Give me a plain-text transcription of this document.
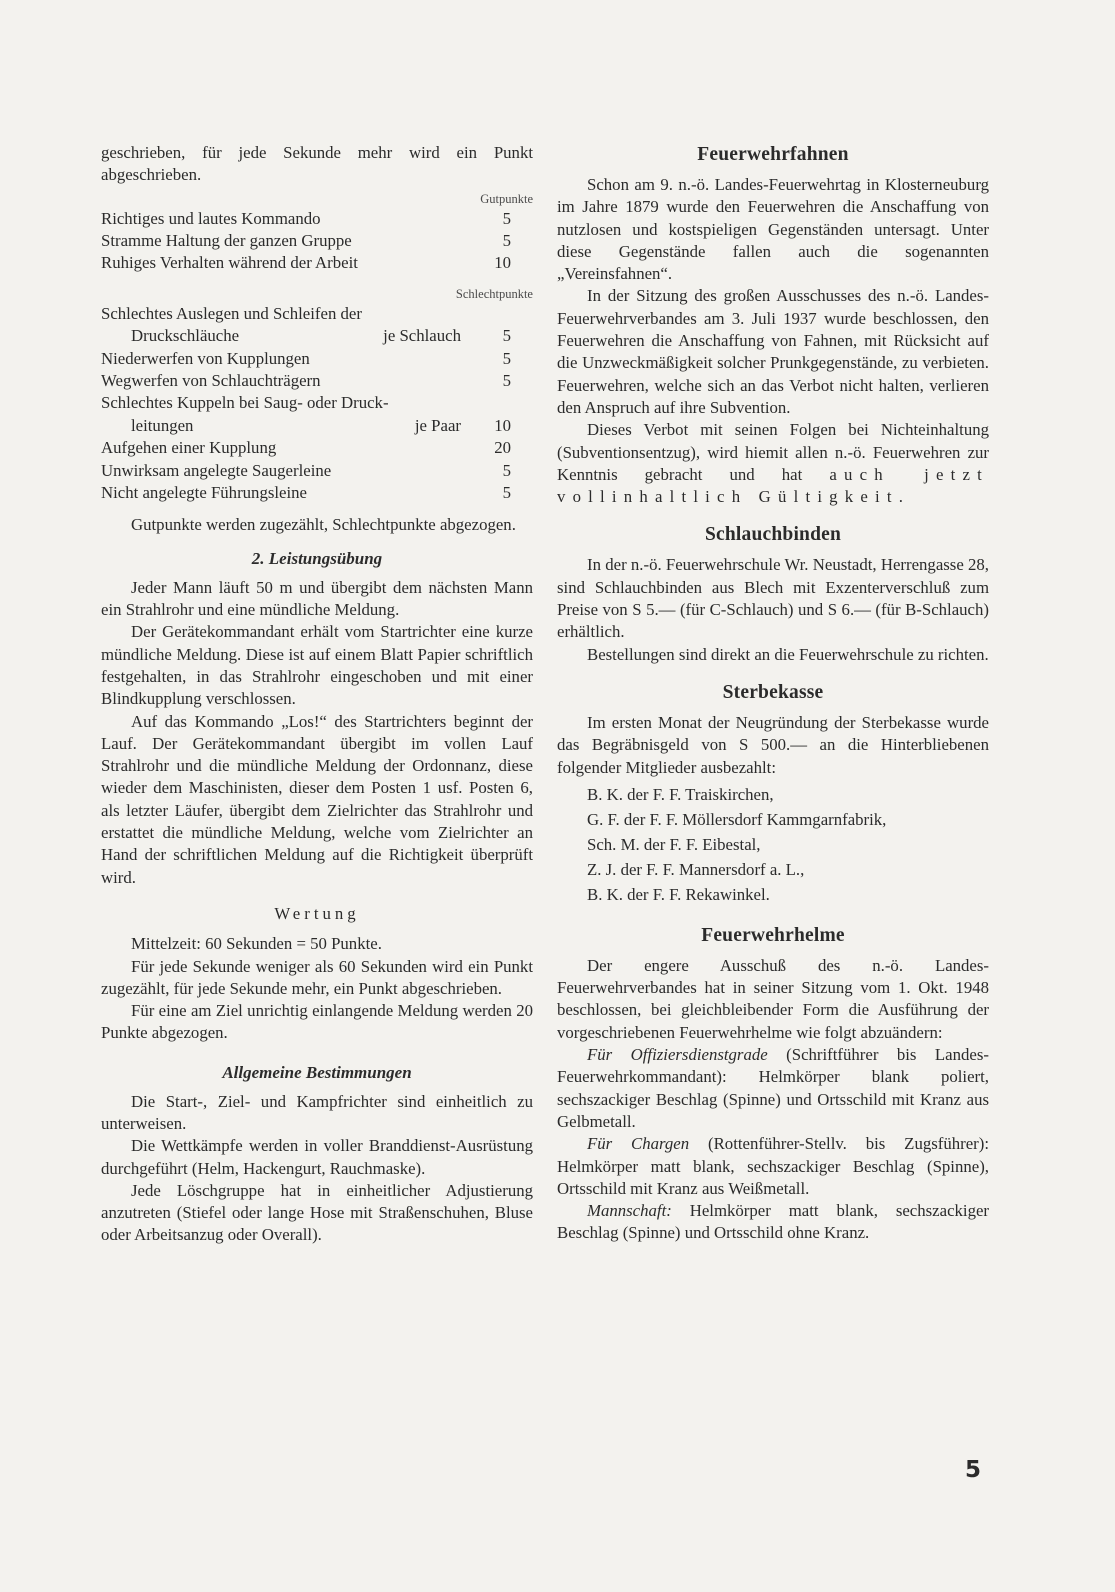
geschrieben, für jede Sekunde mehr wird ein Punkt abgeschrieben.

Gutpunkte
Richtiges und lautes Kommando	5
Stramme Haltung der ganzen Gruppe	5
Ruhiges Verhalten während der Arbeit	10
Schlechtpunkte
Schlechtes Auslegen und Schleifen der
Druckschläuche	je Schlauch	5
Niederwerfen von Kupplungen	5
Wegwerfen von Schlauchträgern	5
Schlechtes Kuppeln bei Saug- oder Druck-
leitungen	je Paar	10
Aufgehen einer Kupplung	20
Unwirksam angelegte Saugerleine	5
Nicht angelegte Führungsleine	5

Gutpunkte werden zugezählt, Schlechtpunkte abgezogen.

2. Leistungsübung

Jeder Mann läuft 50 m und übergibt dem nächsten Mann ein Strahlrohr und eine mündliche Meldung.

Der Gerätekommandant erhält vom Startrichter eine kurze mündliche Meldung. Diese ist auf einem Blatt Papier schriftlich festgehalten, in das Strahlrohr eingeschoben und mit einer Blindkupplung verschlossen.

Auf das Kommando „Los!“ des Startrichters beginnt der Lauf. Der Gerätekommandant übergibt im vollen Lauf Strahlrohr und die mündliche Meldung der Ordonnanz, diese wieder dem Maschinisten, dieser dem Posten 1 usf. Posten 6, als letzter Läufer, übergibt dem Zielrichter das Strahlrohr und erstattet die mündliche Meldung, welche vom Zielrichter an Hand der schriftlichen Meldung auf die Richtigkeit überprüft wird.

Wertung

Mittelzeit: 60 Sekunden = 50 Punkte.

Für jede Sekunde weniger als 60 Sekunden wird ein Punkt zugezählt, für jede Sekunde mehr, ein Punkt abgeschrieben.

Für eine am Ziel unrichtig einlangende Meldung werden 20 Punkte abgezogen.

Allgemeine Bestimmungen

Die Start-, Ziel- und Kampfrichter sind einheitlich zu unterweisen.

Die Wettkämpfe werden in voller Branddienst-Ausrüstung durchgeführt (Helm, Hackengurt, Rauchmaske).

Jede Löschgruppe hat in einheitlicher Adjustierung anzutreten (Stiefel oder lange Hose mit Straßenschuhen, Bluse oder Arbeitsanzug oder Overall).

Feuerwehrfahnen

Schon am 9. n.-ö. Landes-Feuerwehrtag in Klosterneuburg im Jahre 1879 wurde den Feuerwehren die Anschaffung von nutzlosen und kostspieligen Gegenständen untersagt. Unter diese Gegenstände fallen auch die sogenannten „Vereinsfahnen“.

In der Sitzung des großen Ausschusses des n.-ö. Landes-Feuerwehrverbandes am 3. Juli 1937 wurde beschlossen, den Feuerwehren die Anschaffung von Fahnen, mit Rücksicht auf die Unzweckmäßigkeit solcher Prunkgegenstände, zu verbieten. Feuerwehren, welche sich an das Verbot nicht halten, verlieren den Anspruch auf ihre Subvention.

Dieses Verbot mit seinen Folgen bei Nichteinhaltung (Subventionsentzug), wird hiemit allen n.-ö. Feuerwehren zur Kenntnis gebracht und hat auch jetzt vollinhaltlich Gültigkeit.

Schlauchbinden

In der n.-ö. Feuerwehrschule Wr. Neustadt, Herrengasse 28, sind Schlauchbinden aus Blech mit Exzenterverschluß zum Preise von S 5.— (für C-Schlauch) und S 6.— (für B-Schlauch) erhältlich.

Bestellungen sind direkt an die Feuerwehrschule zu richten.

Sterbekasse

Im ersten Monat der Neugründung der Sterbekasse wurde das Begräbnisgeld von S 500.— an die Hinterbliebenen folgender Mitglieder ausbezahlt:

B. K. der F. F. Traiskirchen,
G. F. der F. F. Möllersdorf Kammgarnfabrik,
Sch. M. der F. F. Eibestal,
Z. J. der F. F. Mannersdorf a. L.,
B. K. der F. F. Rekawinkel.
Feuerwehrhelme

Der engere Ausschuß des n.-ö. Landes-Feuerwehrverbandes hat in seiner Sitzung vom 1. Okt. 1948 beschlossen, bei gleichbleibender Form die Ausführung der vorgeschriebenen Feuerwehrhelme wie folgt abzuändern:

Für Offiziersdienstgrade (Schriftführer bis Landes-Feuerwehrkommandant): Helmkörper blank poliert, sechszackiger Beschlag (Spinne) und Ortsschild mit Kranz aus Gelbmetall.

Für Chargen (Rottenführer-Stellv. bis Zugsführer): Helmkörper matt blank, sechszackiger Beschlag (Spinne), Ortsschild mit Kranz aus Weißmetall.

Mannschaft: Helmkörper matt blank, sechszackiger Beschlag (Spinne) und Ortsschild ohne Kranz.

5
